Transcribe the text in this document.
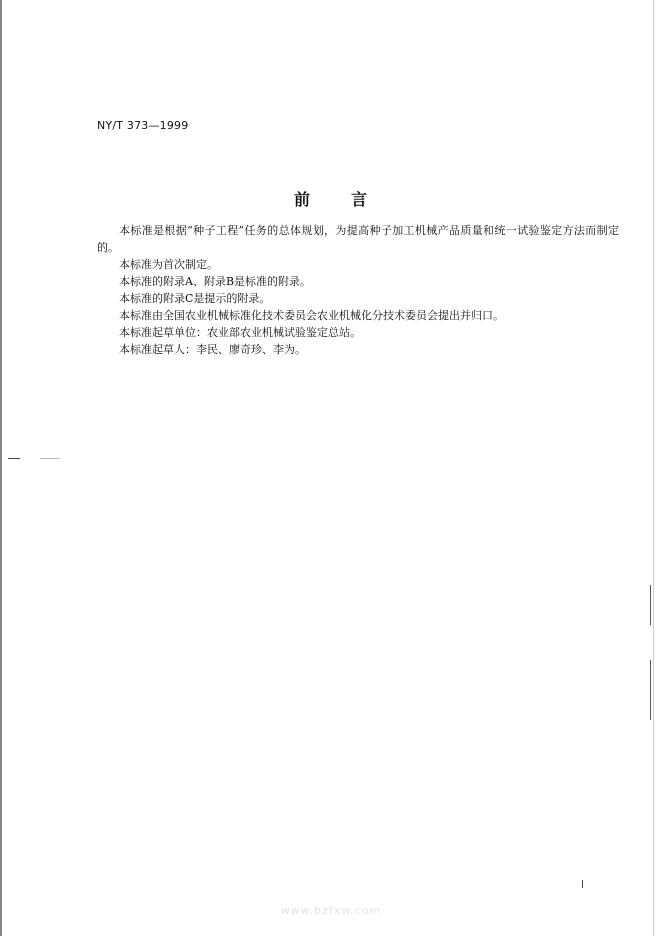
NY/T 373—1999
前	言

本标准是根据“种子工程”任务的总体规划，为提高种子加工机械产品质量和统一试验鉴定方法而制定的。

本标准为首次制定。

本标准的附录A、附录B是标准的附录。

本标准的附录C是提示的附录。

本标准由全国农业机械标准化技术委员会农业机械化分技术委员会提出并归口。

本标准起草单位：农业部农业机械试验鉴定总站。

本标准起草人：李民、廖奇珍、李为。

www.bzfxw.com
